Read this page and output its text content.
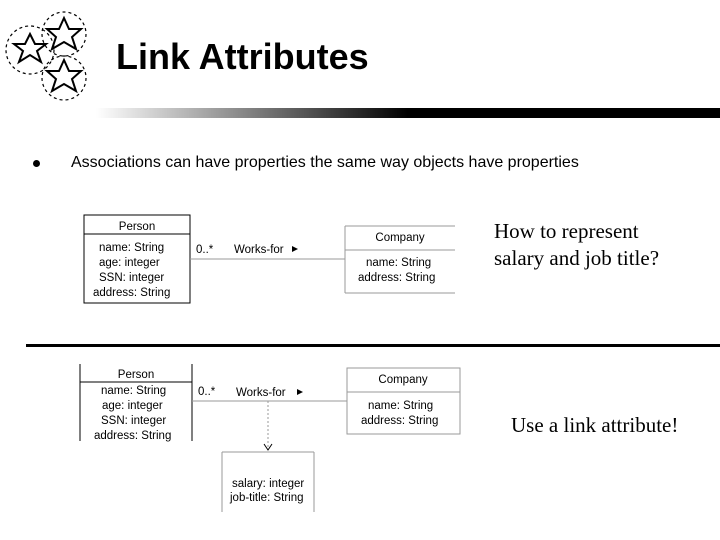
Link Attributes
Associations can have properties the same way objects have properties
How to represent
salary and job title?
Person
name: String
age: integer
SSN: integer
address: String
Company
name: String
address: String
0..* Works-for
Person
name: String
age: integer
SSN: integer
address: String
Company
name: String
address: String
0..* Works-for
salary: integer
job-title: String
Use a link attribute!
